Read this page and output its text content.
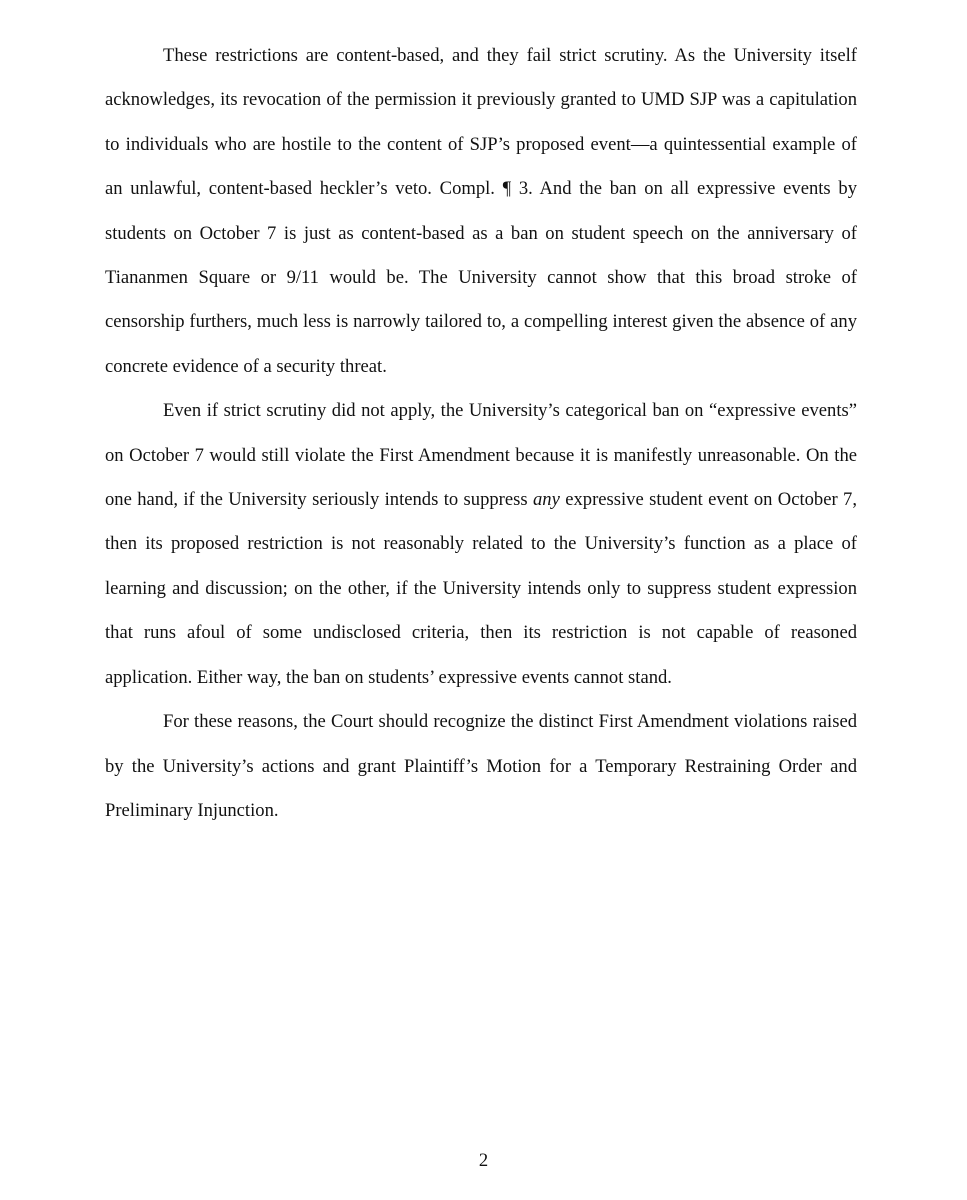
These restrictions are content-based, and they fail strict scrutiny. As the University itself acknowledges, its revocation of the permission it previously granted to UMD SJP was a capitulation to individuals who are hostile to the content of SJP’s proposed event—a quintessential example of an unlawful, content-based heckler’s veto. Compl. ¶ 3. And the ban on all expressive events by students on October 7 is just as content-based as a ban on student speech on the anniversary of Tiananmen Square or 9/11 would be. The University cannot show that this broad stroke of censorship furthers, much less is narrowly tailored to, a compelling interest given the absence of any concrete evidence of a security threat.

Even if strict scrutiny did not apply, the University’s categorical ban on “expressive events” on October 7 would still violate the First Amendment because it is manifestly unreasonable. On the one hand, if the University seriously intends to suppress any expressive student event on October 7, then its proposed restriction is not reasonably related to the University’s function as a place of learning and discussion; on the other, if the University intends only to suppress student expression that runs afoul of some undisclosed criteria, then its restriction is not capable of reasoned application. Either way, the ban on students’ expressive events cannot stand.

For these reasons, the Court should recognize the distinct First Amendment violations raised by the University’s actions and grant Plaintiff’s Motion for a Temporary Restraining Order and Preliminary Injunction.

2
